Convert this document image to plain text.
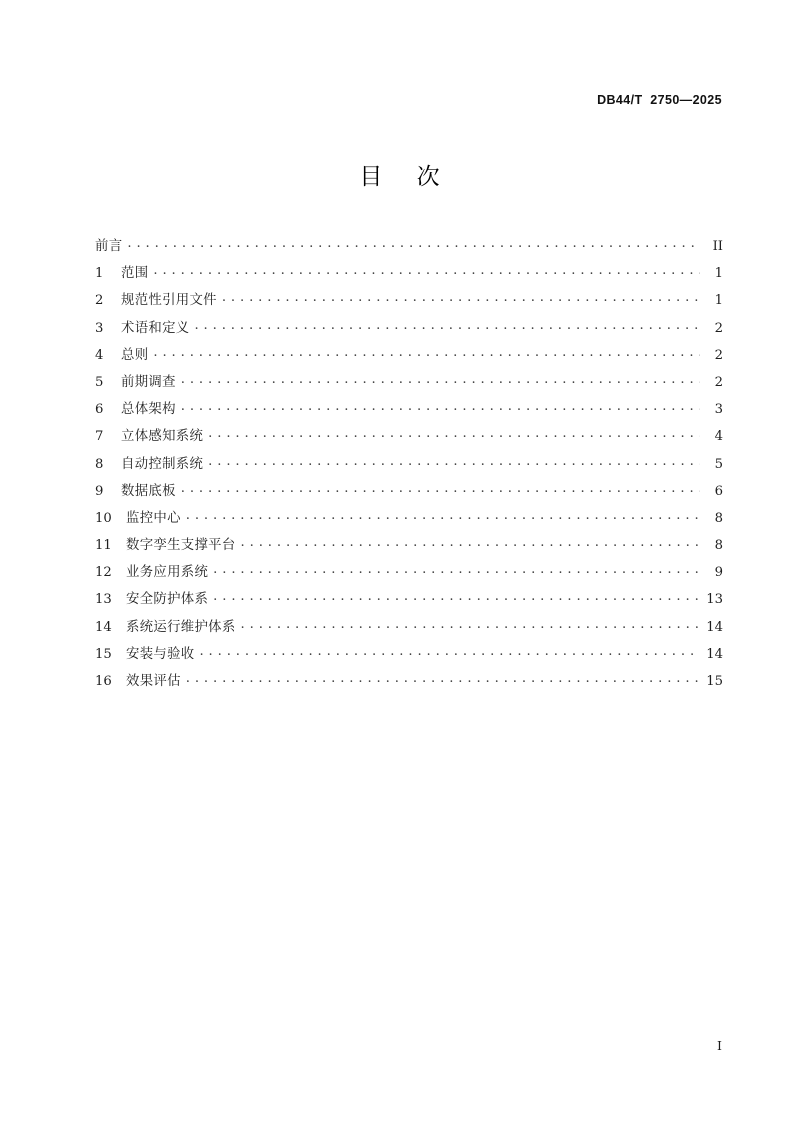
DB44/T  2750—2025
目    次
前言 . . .	II
1	范围 . . .	1
2	规范性引用文件 . . .	1
3	术语和定义 . . .	2
4	总则 . . .	2
5	前期调查 . . .	2
6	总体架构 . . .	3
7	立体感知系统 . . .	4
8	自动控制系统 . . .	5
9	数据底板 . . .	6
10	监控中心 . . .	8
11	数字孪生支撑平台 . . .	8
12	业务应用系统 . . .	9
13	安全防护体系 . . .	13
14	系统运行维护体系 . . .	14
15	安装与验收 . . .	14
16	效果评估 . . .	15
I
